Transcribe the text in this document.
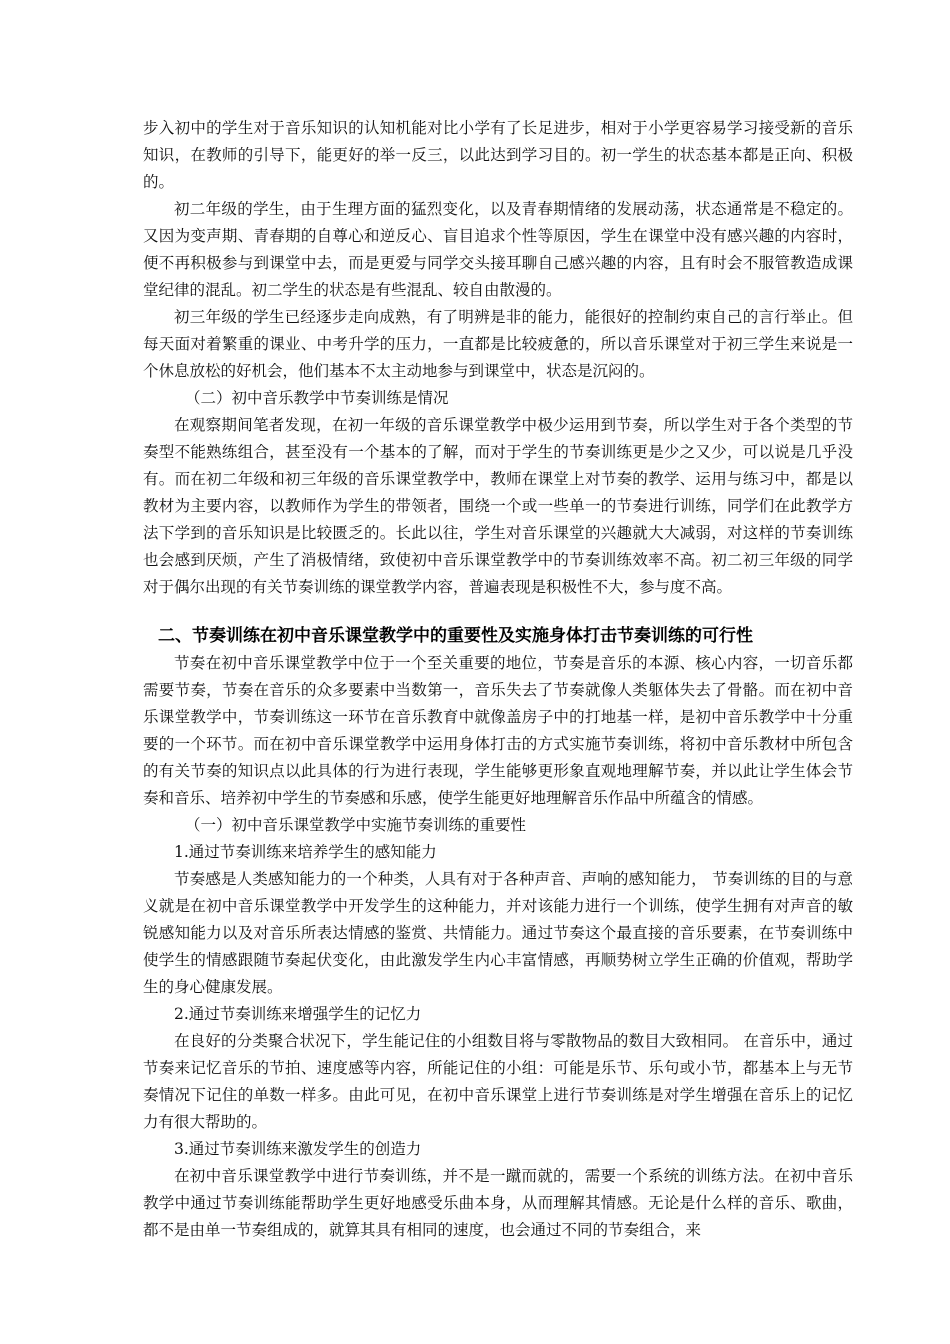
步入初中的学生对于音乐知识的认知机能对比小学有了长足进步，相对于小学更容易学习接受新的音乐知识，在教师的引导下，能更好的举一反三，以此达到学习目的。初一学生的状态基本都是正向、积极的。

初二年级的学生，由于生理方面的猛烈变化，以及青春期情绪的发展动荡，状态通常是不稳定的。又因为变声期、青春期的自尊心和逆反心、盲目追求个性等原因，学生在课堂中没有感兴趣的内容时，便不再积极参与到课堂中去，而是更爱与同学交头接耳聊自己感兴趣的内容，且有时会不服管教造成课堂纪律的混乱。初二学生的状态是有些混乱、较自由散漫的。

初三年级的学生已经逐步走向成熟，有了明辨是非的能力，能很好的控制约束自己的言行举止。但每天面对着繁重的课业、中考升学的压力，一直都是比较疲惫的，所以音乐课堂对于初三学生来说是一个休息放松的好机会，他们基本不太主动地参与到课堂中，状态是沉闷的。

（二）初中音乐教学中节奏训练是情况

在观察期间笔者发现，在初一年级的音乐课堂教学中极少运用到节奏，所以学生对于各个类型的节奏型不能熟练组合，甚至没有一个基本的了解，而对于学生的节奏训练更是少之又少，可以说是几乎没有。而在初二年级和初三年级的音乐课堂教学中，教师在课堂上对节奏的教学、运用与练习中，都是以教材为主要内容，以教师作为学生的带领者，围绕一个或一些单一的节奏进行训练，同学们在此教学方法下学到的音乐知识是比较匮乏的。长此以往，学生对音乐课堂的兴趣就大大减弱，对这样的节奏训练也会感到厌烦，产生了消极情绪，致使初中音乐课堂教学中的节奏训练效率不高。初二初三年级的同学对于偶尔出现的有关节奏训练的课堂教学内容，普遍表现是积极性不大，参与度不高。

二、节奏训练在初中音乐课堂教学中的重要性及实施身体打击节奏训练的可行性

节奏在初中音乐课堂教学中位于一个至关重要的地位，节奏是音乐的本源、核心内容，一切音乐都需要节奏，节奏在音乐的众多要素中当数第一，音乐失去了节奏就像人类躯体失去了骨骼。而在初中音乐课堂教学中，节奏训练这一环节在音乐教育中就像盖房子中的打地基一样，是初中音乐教学中十分重要的一个环节。而在初中音乐课堂教学中运用身体打击的方式实施节奏训练，将初中音乐教材中所包含的有关节奏的知识点以此具体的行为进行表现，学生能够更形象直观地理解节奏，并以此让学生体会节奏和音乐、培养初中学生的节奏感和乐感，使学生能更好地理解音乐作品中所蕴含的情感。

（一）初中音乐课堂教学中实施节奏训练的重要性

1.通过节奏训练来培养学生的感知能力

节奏感是人类感知能力的一个种类，人具有对于各种声音、声响的感知能力， 节奏训练的目的与意义就是在初中音乐课堂教学中开发学生的这种能力，并对该能力进行一个训练，使学生拥有对声音的敏锐感知能力以及对音乐所表达情感的鉴赏、共情能力。通过节奏这个最直接的音乐要素，在节奏训练中使学生的情感跟随节奏起伏变化，由此激发学生内心丰富情感，再顺势树立学生正确的价值观，帮助学生的身心健康发展。

2.通过节奏训练来增强学生的记忆力

在良好的分类聚合状况下，学生能记住的小组数目将与零散物品的数目大致相同。 在音乐中，通过节奏来记忆音乐的节拍、速度感等内容，所能记住的小组：可能是乐节、乐句或小节，都基本上与无节奏情况下记住的单数一样多。由此可见，在初中音乐课堂上进行节奏训练是对学生增强在音乐上的记忆力有很大帮助的。

3.通过节奏训练来激发学生的创造力

在初中音乐课堂教学中进行节奏训练，并不是一蹴而就的，需要一个系统的训练方法。在初中音乐教学中通过节奏训练能帮助学生更好地感受乐曲本身，从而理解其情感。无论是什么样的音乐、歌曲，都不是由单一节奏组成的，就算其具有相同的速度，也会通过不同的节奏组合，来
